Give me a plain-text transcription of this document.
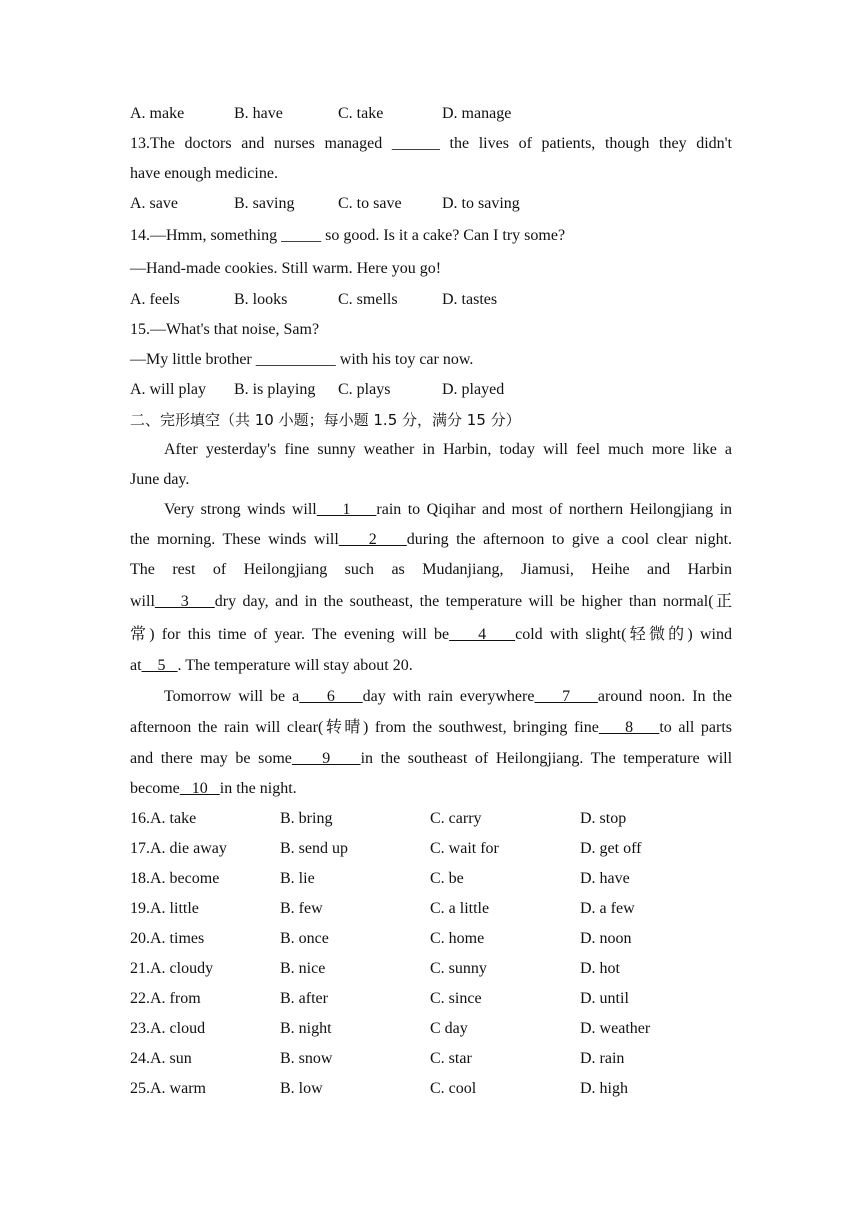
A. make	B. have	C. take	D. manage
13.The doctors and nurses managed ______ the lives of patients, though they didn't
have enough medicine.
A. save	B. saving	C. to save	D. to saving
14.—Hmm, something _____ so good. Is it a cake? Can I try some?
—Hand-made cookies. Still warm. Here you go!
A. feels	B. looks	C. smells	D. tastes
15.—What's that noise, Sam?
—My little brother __________ with his toy car now.
A. will play	B. is playing	C. plays	D. played
二、完形填空（共 10 小题；每小题 1.5 分，满分 15 分）
After yesterday's fine sunny weather in Harbin, today will feel much more like a
June day.
Very strong winds will    1    rain to Qiqihar and most of northern Heilongjiang in
the morning. These winds will    2    during the afternoon to give a cool clear night.
The rest of Heilongjiang such as Mudanjiang, Jiamusi, Heihe and Harbin
will    3    dry day, and in the southeast, the temperature will be higher than normal(正
常) for this time of year. The evening will be    4    cold with slight(轻微的) wind
at    5   . The temperature will stay about 20.
Tomorrow will be a    6    day with rain everywhere    7    around noon. In the
afternoon the rain will clear(转晴) from the southwest, bringing fine    8    to all parts
and there may be some    9    in the southeast of Heilongjiang. The temperature will
become   10   in the night.
16.A. take	B. bring	C. carry	D. stop
17.A. die away	B. send up	C. wait for	D. get off
18.A. become	B. lie	C. be	D. have
19.A. little	B. few	C. a little	D. a few
20.A. times	B. once	C. home	D. noon
21.A. cloudy	B. nice	C. sunny	D. hot
22.A. from	B. after	C. since	D. until
23.A. cloud	B. night	C day	D. weather
24.A. sun	B. snow	C. star	D. rain
25.A. warm	B. low	C. cool	D. high
